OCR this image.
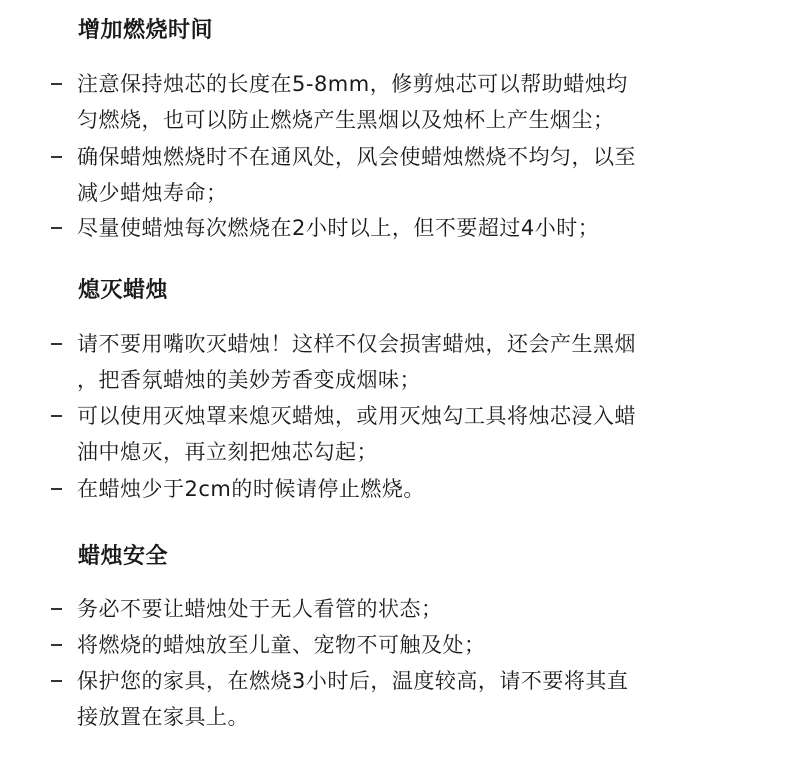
增加燃烧时间
注意保持烛芯的长度在5-8mm，修剪烛芯可以帮助蜡烛均
匀燃烧，也可以防止燃烧产生黑烟以及烛杯上产生烟尘；
确保蜡烛燃烧时不在通风处，风会使蜡烛燃烧不均匀，以至
减少蜡烛寿命；
尽量使蜡烛每次燃烧在2小时以上，但不要超过4小时；
熄灭蜡烛
请不要用嘴吹灭蜡烛！这样不仅会损害蜡烛，还会产生黑烟
，把香氛蜡烛的美妙芳香变成烟味；
可以使用灭烛罩来熄灭蜡烛，或用灭烛勾工具将烛芯浸入蜡
油中熄灭，再立刻把烛芯勾起；
在蜡烛少于2cm的时候请停止燃烧。
蜡烛安全
务必不要让蜡烛处于无人看管的状态；
将燃烧的蜡烛放至儿童、宠物不可触及处；
保护您的家具，在燃烧3小时后，温度较高，请不要将其直
接放置在家具上。
